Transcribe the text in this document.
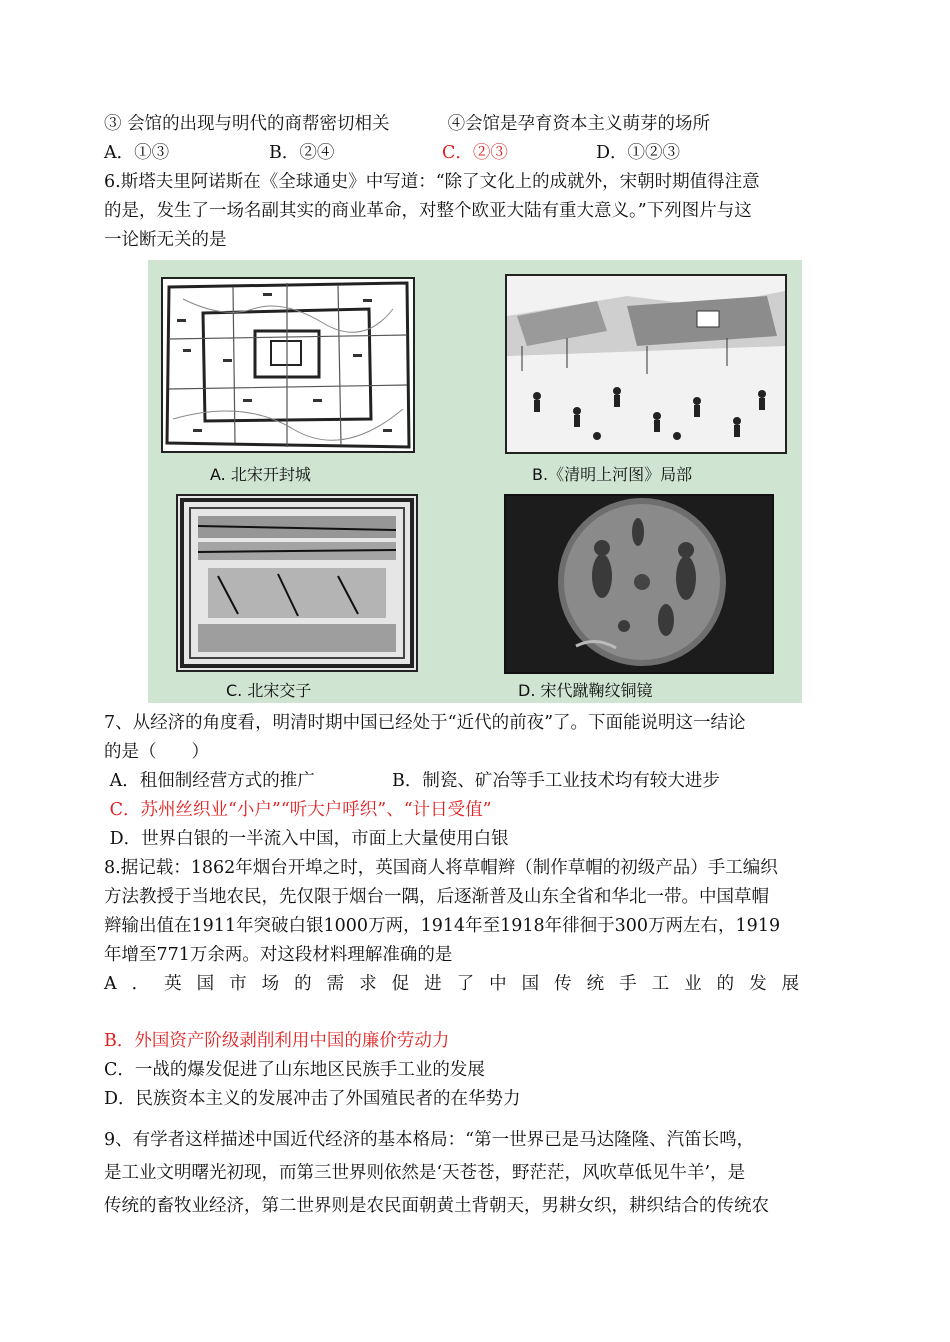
③ 会馆的出现与明代的商帮密切相关	④会馆是孕育资本主义萌芽的场所
A．①③	B．②④	C．②③	D．①②③
6.斯塔夫里阿诺斯在《全球通史》中写道：“除了文化上的成就外，宋朝时期值得注意
的是，发生了一场名副其实的商业革命，对整个欧亚大陆有重大意义。”下列图片与这
一论断无关的是
A. 北宋开封城	B.《清明上河图》局部
C. 北宋交子	D. 宋代蹴鞠纹铜镜
7、从经济的角度看，明清时期中国已经处于“近代的前夜”了。下面能说明这一结论
的是（　　）
A．租佃制经营方式的推广	B．制瓷、矿冶等手工业技术均有较大进步
C．苏州丝织业“小户”“听大户呼织”、“计日受值”
D．世界白银的一半流入中国，市面上大量使用白银
8.据记载：1862年烟台开埠之时，英国商人将草帽辫（制作草帽的初级产品）手工编织
方法教授于当地农民，先仅限于烟台一隅，后逐渐普及山东全省和华北一带。中国草帽
辫输出值在1911年突破白银1000万两，1914年至1918年徘徊于300万两左右，1919
年增至771万余两。对这段材料理解准确的是
A．英国市场的需求促进了中国传统手工业的发展
B．外国资产阶级剥削利用中国的廉价劳动力
C．一战的爆发促进了山东地区民族手工业的发展
D．民族资本主义的发展冲击了外国殖民者的在华势力
9、有学者这样描述中国近代经济的基本格局：“第一世界已是马达隆隆、汽笛长鸣，
是工业文明曙光初现，而第三世界则依然是‘天苍苍，野茫茫，风吹草低见牛羊’，是
传统的畜牧业经济，第二世界则是农民面朝黄土背朝天，男耕女织，耕织结合的传统农
